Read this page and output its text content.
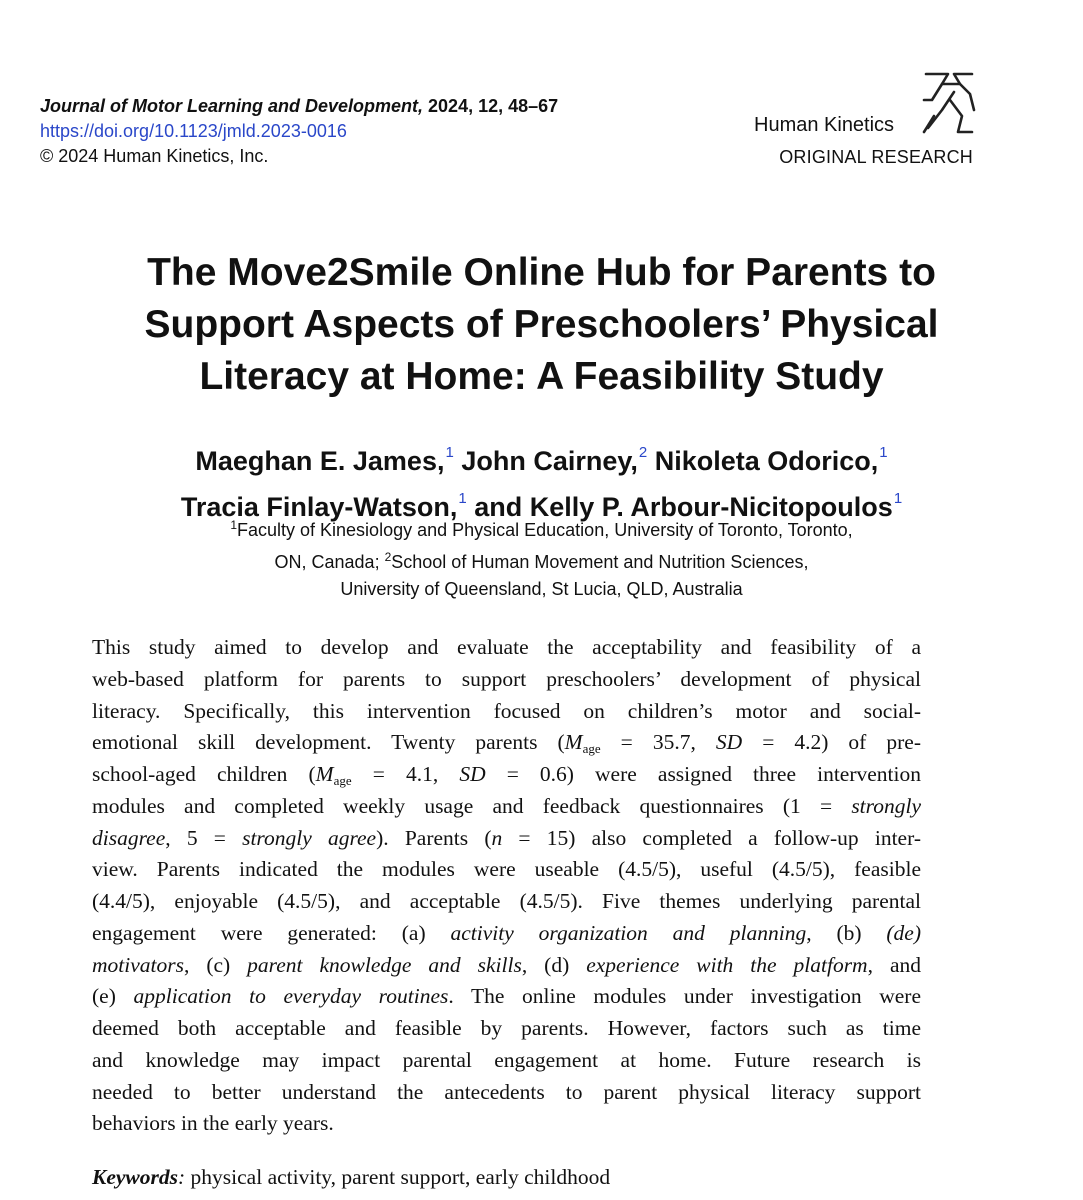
Journal of Motor Learning and Development, 2024, 12, 48–67
https://doi.org/10.1123/jmld.2023-0016
© 2024 Human Kinetics, Inc.
Human Kinetics
ORIGINAL RESEARCH
The Move2Smile Online Hub for Parents to
Support Aspects of Preschoolers’ Physical
Literacy at Home: A Feasibility Study
Maeghan E. James,$^1$ John Cairney,$^2$ Nikoleta Odorico,$^1$
Tracia Finlay-Watson,$^1$ and Kelly P. Arbour-Nicitopoulos$^1$
$^1$Faculty of Kinesiology and Physical Education, University of Toronto, Toronto,
ON, Canada; $^2$School of Human Movement and Nutrition Sciences,
University of Queensland, St Lucia, QLD, Australia
This study aimed to develop and evaluate the acceptability and feasibility of a
web-based platform for parents to support preschoolers’ development of physical
literacy. Specifically, this intervention focused on children’s motor and social-
emotional skill development. Twenty parents ($M_{age} = 35.7$, SD = 4.2) of pre-
school-aged children ($M_{age} = 4.1$, SD = 0.6) were assigned three intervention
modules and completed weekly usage and feedback questionnaires (1 = strongly
disagree, 5 = strongly agree). Parents (n = 15) also completed a follow-up inter-
view. Parents indicated the modules were useable (4.5/5), useful (4.5/5), feasible
(4.4/5), enjoyable (4.5/5), and acceptable (4.5/5). Five themes underlying parental
engagement were generated: (a) activity organization and planning, (b) (de)
motivators, (c) parent knowledge and skills, (d) experience with the platform, and
(e) application to everyday routines. The online modules under investigation were
deemed both acceptable and feasible by parents. However, factors such as time
and knowledge may impact parental engagement at home. Future research is
needed to better understand the antecedents to parent physical literacy support
behaviors in the early years.
Keywords: physical activity, parent support, early childhood
